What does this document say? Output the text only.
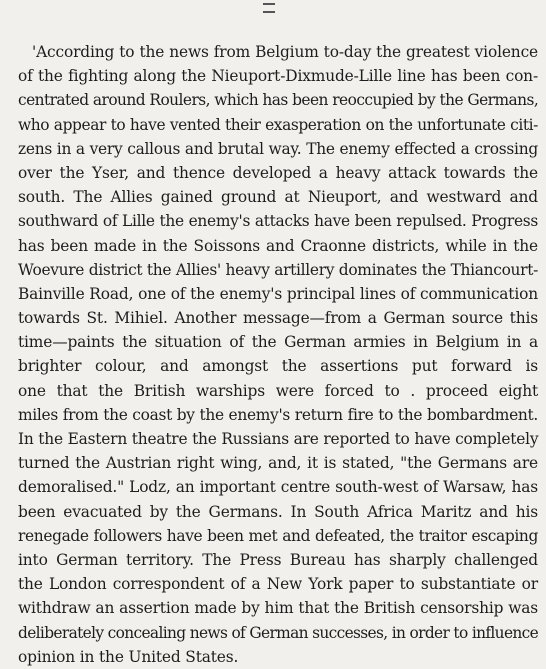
'According to the news from Belgium to-day the greatest violence
of the fighting along the Nieuport-Dixmude-Lille line has been con-
centrated around Roulers, which has been reoccupied by the Germans,
who appear to have vented their exasperation on the unfortunate citi-
zens in a very callous and brutal way. The enemy effected a crossing
over the Yser, and thence developed a heavy attack towards the
south. The Allies gained ground at Nieuport, and westward and
southward of Lille the enemy's attacks have been repulsed. Progress
has been made in the Soissons and Craonne districts, while in the
Woevure district the Allies' heavy artillery dominates the Thiancourt-
Bainville Road, one of the enemy's principal lines of communication
towards St. Mihiel. Another message—from a German source this
time—paints the situation of the German armies in Belgium in a
brighter colour, and amongst the assertions put forward is
one that the British warships were forced to . proceed eight
miles from the coast by the enemy's return fire to the bombardment.
In the Eastern theatre the Russians are reported to have completely
turned the Austrian right wing, and, it is stated, "the Germans are
demoralised." Lodz, an important centre south-west of Warsaw, has
been evacuated by the Germans. In South Africa Maritz and his
renegade followers have been met and defeated, the traitor escaping
into German territory. The Press Bureau has sharply challenged
the London correspondent of a New York paper to substantiate or
withdraw an assertion made by him that the British censorship was
deliberately concealing news of German successes, in order to influence
opinion in the United States.
